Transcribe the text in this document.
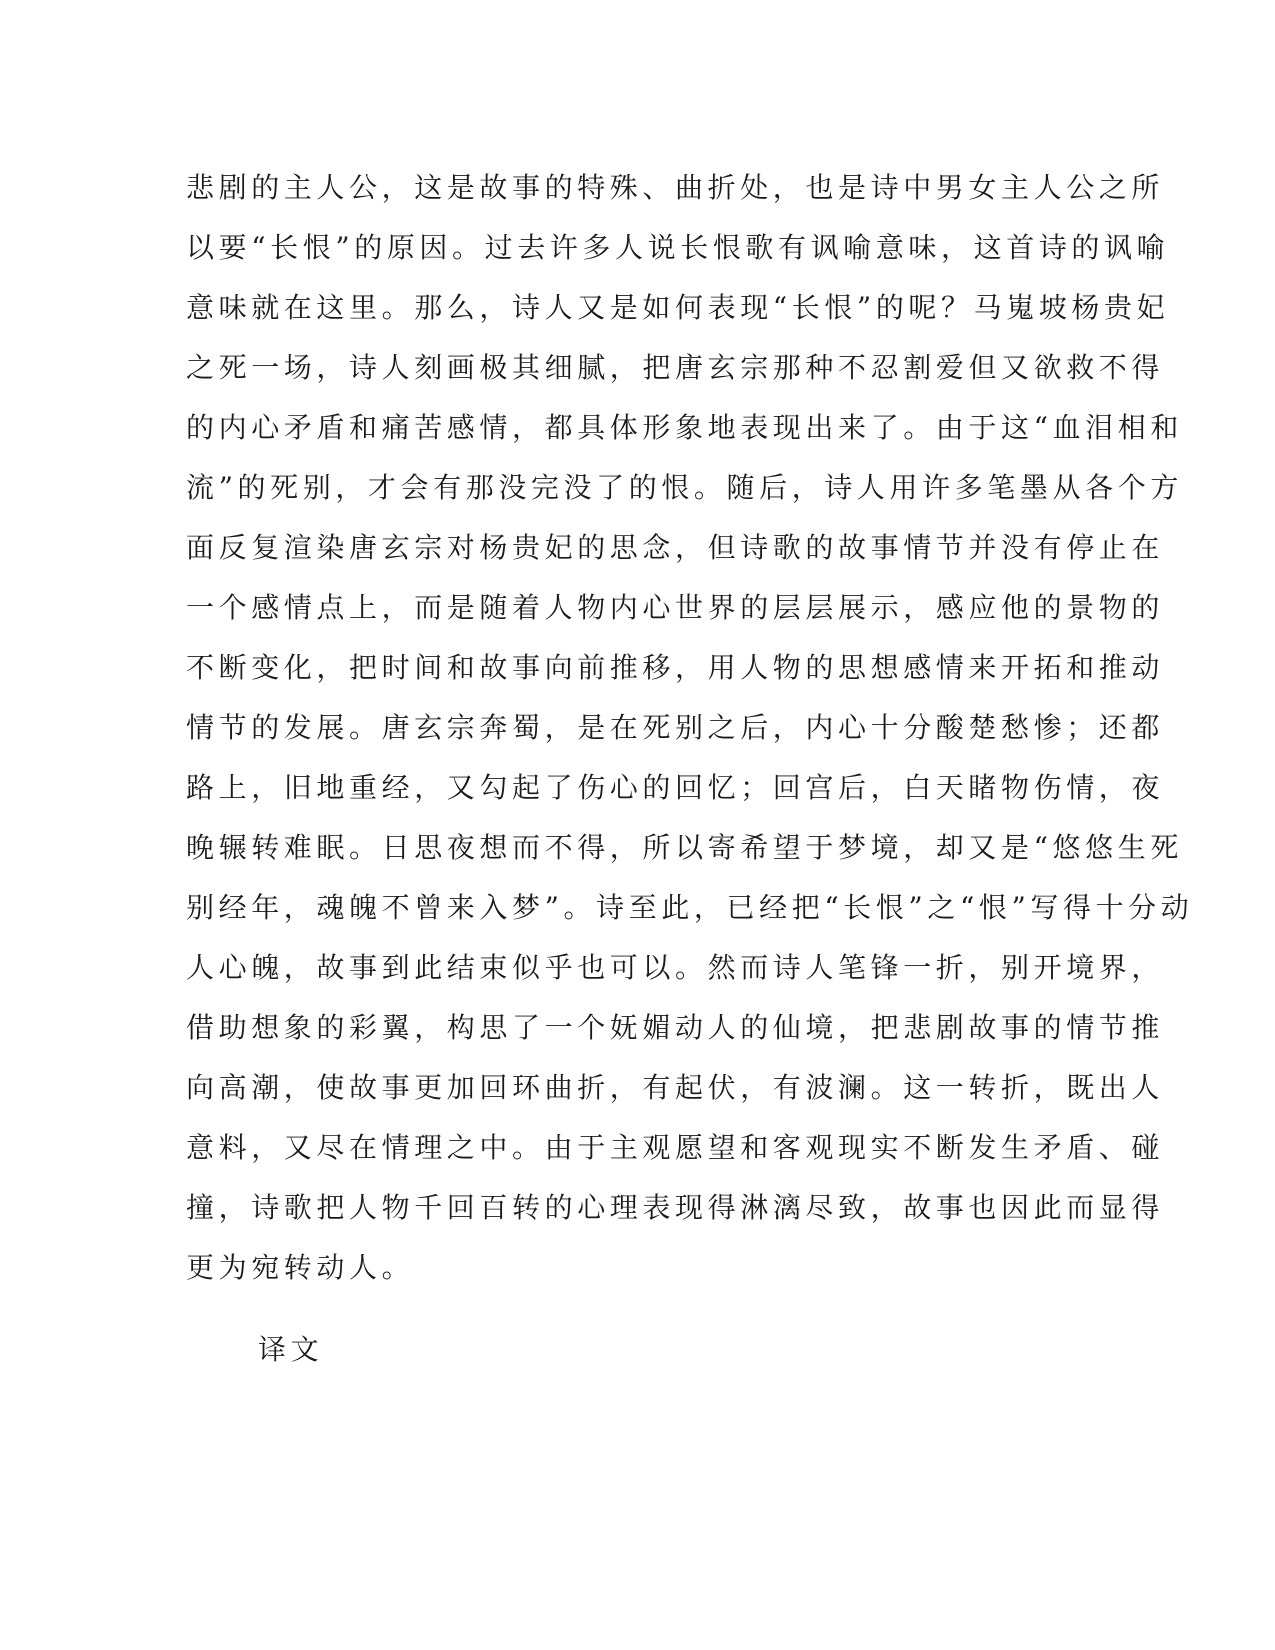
悲剧的主人公，这是故事的特殊、曲折处，也是诗中男女主人公之所
以要“长恨”的原因。过去许多人说长恨歌有讽喻意味，这首诗的讽喻
意味就在这里。那么，诗人又是如何表现“长恨”的呢？马嵬坡杨贵妃
之死一场，诗人刻画极其细腻，把唐玄宗那种不忍割爱但又欲救不得
的内心矛盾和痛苦感情，都具体形象地表现出来了。由于这“血泪相和
流”的死别，才会有那没完没了的恨。随后，诗人用许多笔墨从各个方
面反复渲染唐玄宗对杨贵妃的思念，但诗歌的故事情节并没有停止在
一个感情点上，而是随着人物内心世界的层层展示，感应他的景物的
不断变化，把时间和故事向前推移，用人物的思想感情来开拓和推动
情节的发展。唐玄宗奔蜀，是在死别之后，内心十分酸楚愁惨；还都
路上，旧地重经，又勾起了伤心的回忆；回宫后，白天睹物伤情，夜
晚辗转难眠。日思夜想而不得，所以寄希望于梦境，却又是“悠悠生死
别经年，魂魄不曾来入梦”。诗至此，已经把“长恨”之“恨”写得十分动
人心魄，故事到此结束似乎也可以。然而诗人笔锋一折，别开境界，
借助想象的彩翼，构思了一个妩媚动人的仙境，把悲剧故事的情节推
向高潮，使故事更加回环曲折，有起伏，有波澜。这一转折，既出人
意料，又尽在情理之中。由于主观愿望和客观现实不断发生矛盾、碰
撞，诗歌把人物千回百转的心理表现得淋漓尽致，故事也因此而显得
更为宛转动人。
译文
